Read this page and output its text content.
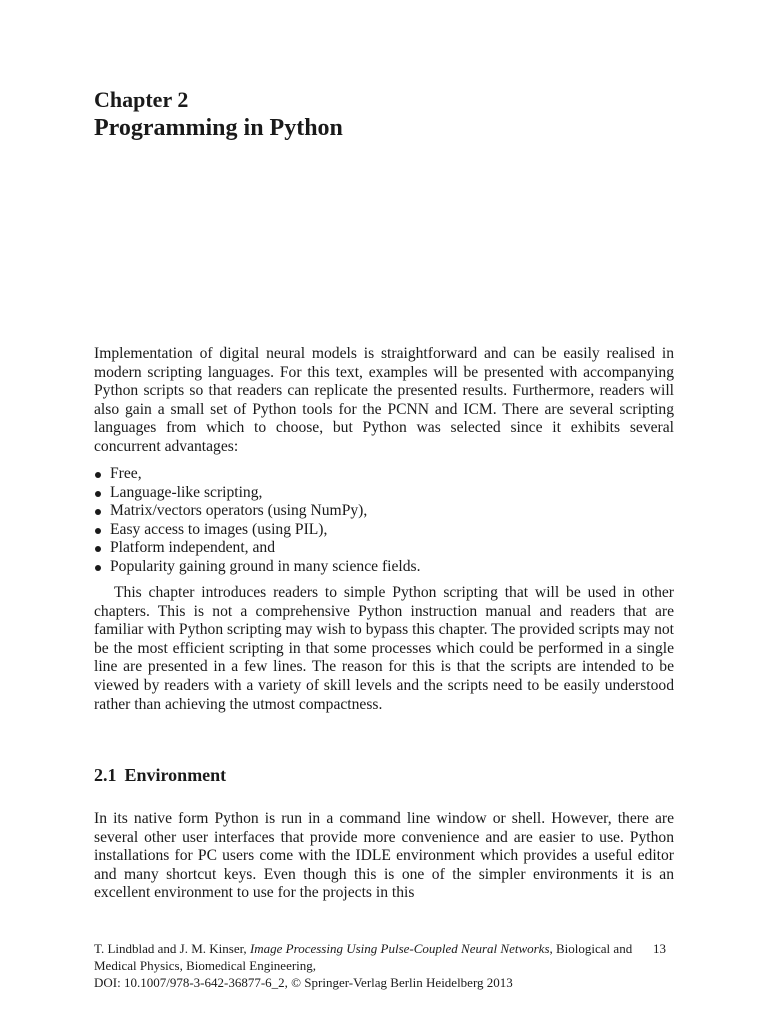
Chapter 2
Programming in Python

Implementation of digital neural models is straightforward and can be easily realised in modern scripting languages. For this text, examples will be presented with accompanying Python scripts so that readers can replicate the presented results. Furthermore, readers will also gain a small set of Python tools for the PCNN and ICM. There are several scripting languages from which to choose, but Python was selected since it exhibits several concurrent advantages:

Free,
Language-like scripting,
Matrix/vectors operators (using NumPy),
Easy access to images (using PIL),
Platform independent, and
Popularity gaining ground in many science fields.

This chapter introduces readers to simple Python scripting that will be used in other chapters. This is not a comprehensive Python instruction manual and readers that are familiar with Python scripting may wish to bypass this chapter. The provided scripts may not be the most efficient scripting in that some processes which could be performed in a single line are presented in a few lines. The reason for this is that the scripts are intended to be viewed by readers with a variety of skill levels and the scripts need to be easily understood rather than achieving the utmost compactness.

2.1 Environment

In its native form Python is run in a command line window or shell. However, there are several other user interfaces that provide more convenience and are easier to use. Python installations for PC users come with the IDLE environment which provides a useful editor and many shortcut keys. Even though this is one of the simpler environments it is an excellent environment to use for the projects in this

13
T. Lindblad and J. M. Kinser, Image Processing Using Pulse-Coupled Neural Networks, Biological and Medical Physics, Biomedical Engineering,
DOI: 10.1007/978-3-642-36877-6_2, © Springer-Verlag Berlin Heidelberg 2013
